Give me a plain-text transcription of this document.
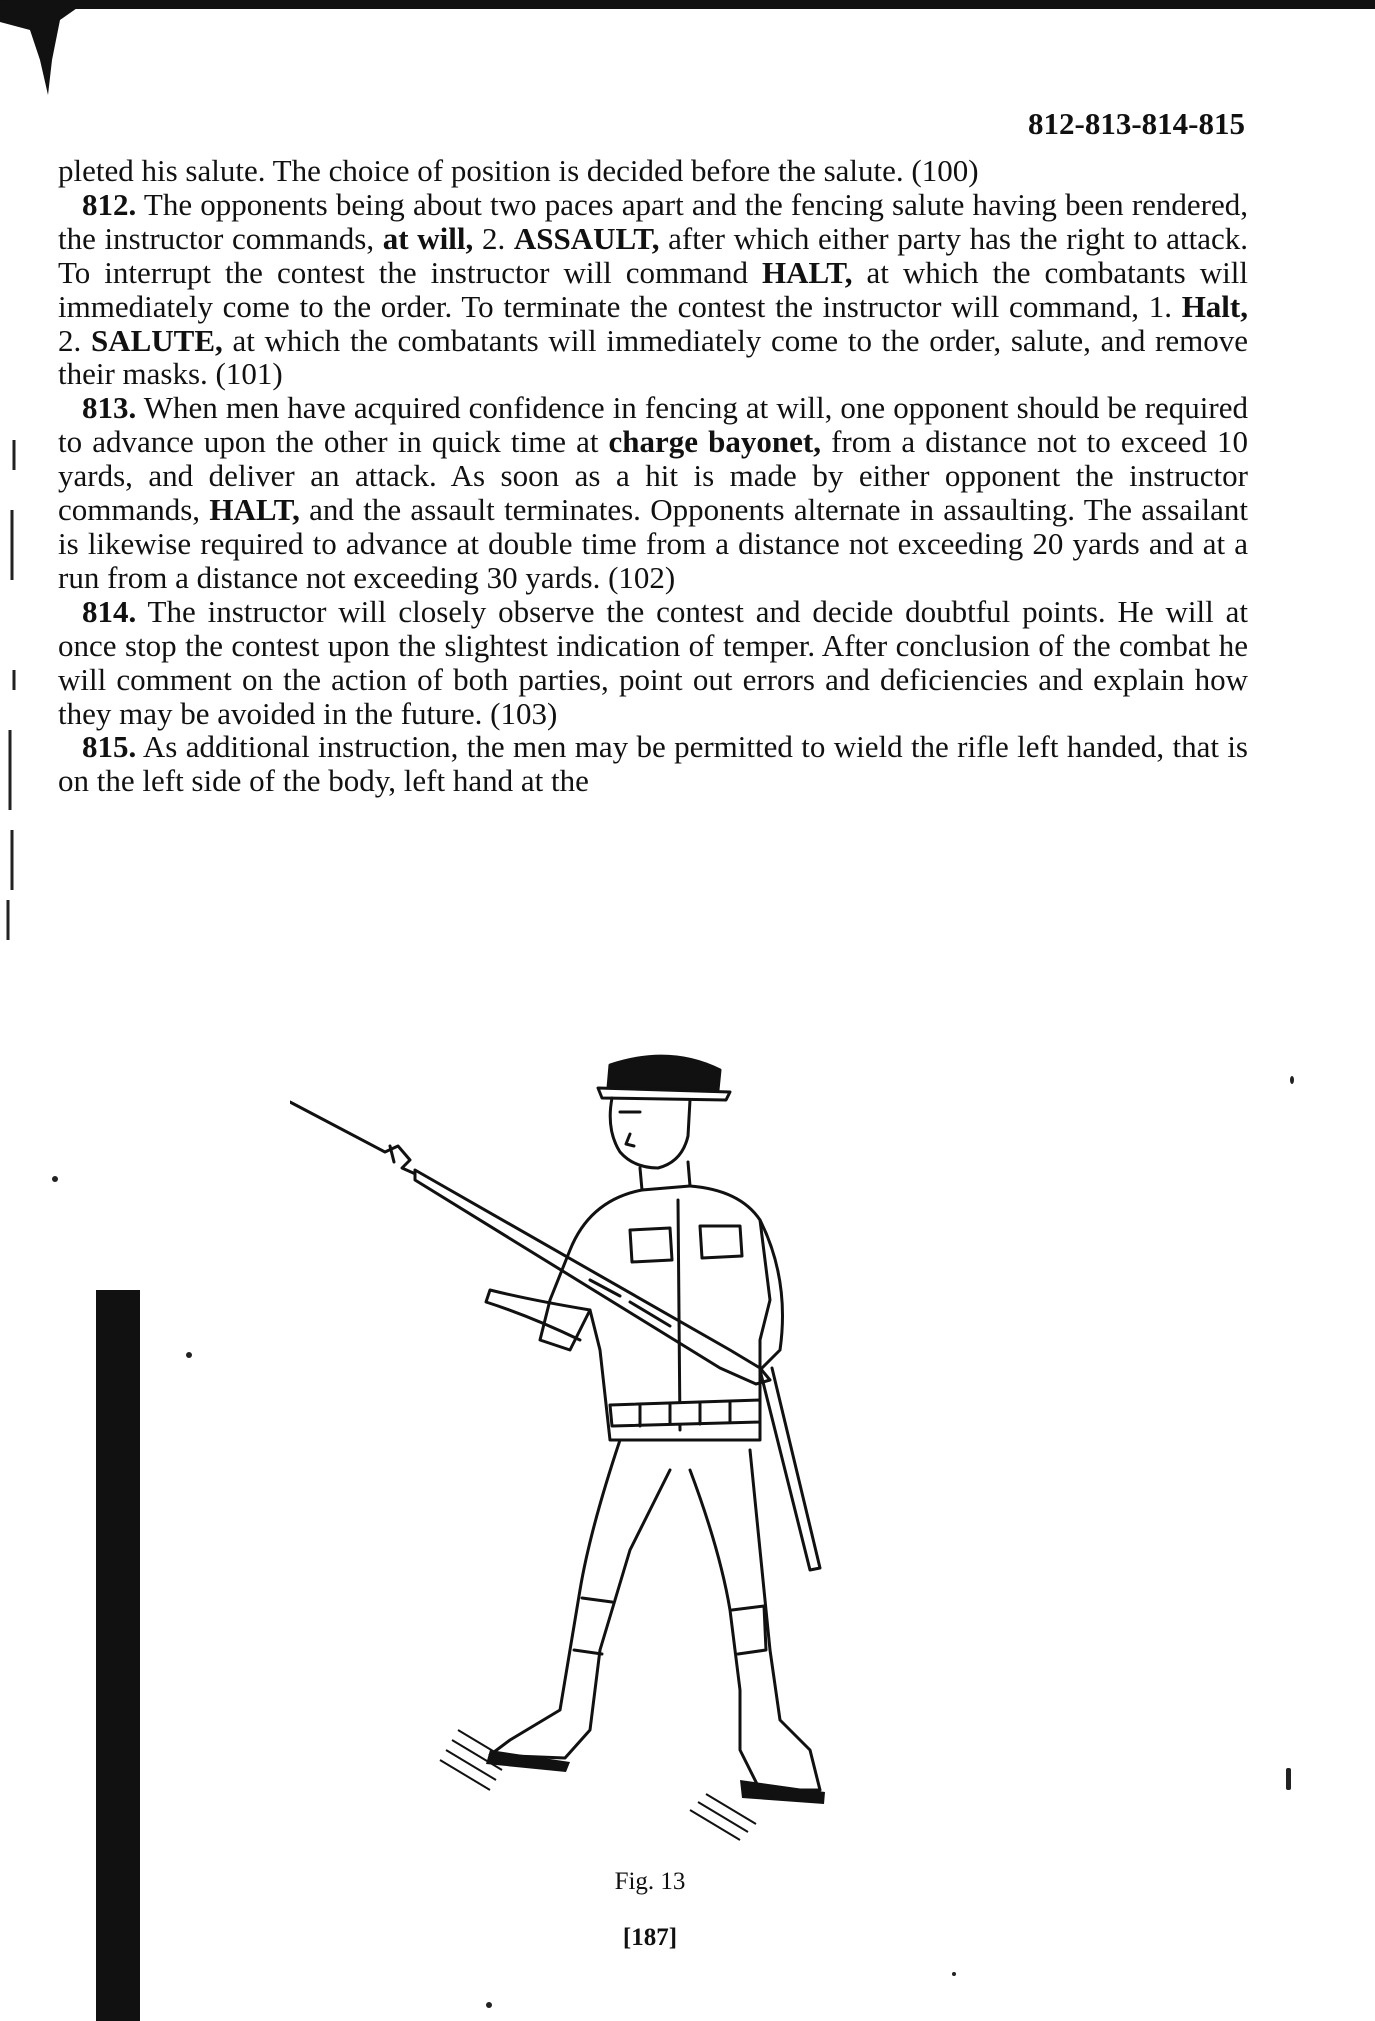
812-813-814-815

pleted his salute. The choice of position is decided before the salute. (100)

812. The opponents being about two paces apart and the fencing salute having been rendered, the instructor commands, at will, 2. ASSAULT, after which either party has the right to attack. To interrupt the contest the instructor will command HALT, at which the combatants will immediately come to the order. To terminate the contest the instructor will command, 1. Halt, 2. SALUTE, at which the combatants will immediately come to the order, salute, and remove their masks. (101)

813. When men have acquired confidence in fencing at will, one opponent should be required to advance upon the other in quick time at charge bayonet, from a distance not to exceed 10 yards, and deliver an attack. As soon as a hit is made by either opponent the instructor commands, HALT, and the assault terminates. Opponents alternate in assaulting. The assailant is likewise required to advance at double time from a distance not exceeding 20 yards and at a run from a distance not exceeding 30 yards. (102)

814. The instructor will closely observe the contest and decide doubtful points. He will at once stop the contest upon the slightest indication of temper. After conclusion of the combat he will comment on the action of both parties, point out errors and deficiencies and explain how they may be avoided in the future. (103)

815. As additional instruction, the men may be permitted to wield the rifle left handed, that is on the left side of the body, left hand at the

Fig. 13
[187]
